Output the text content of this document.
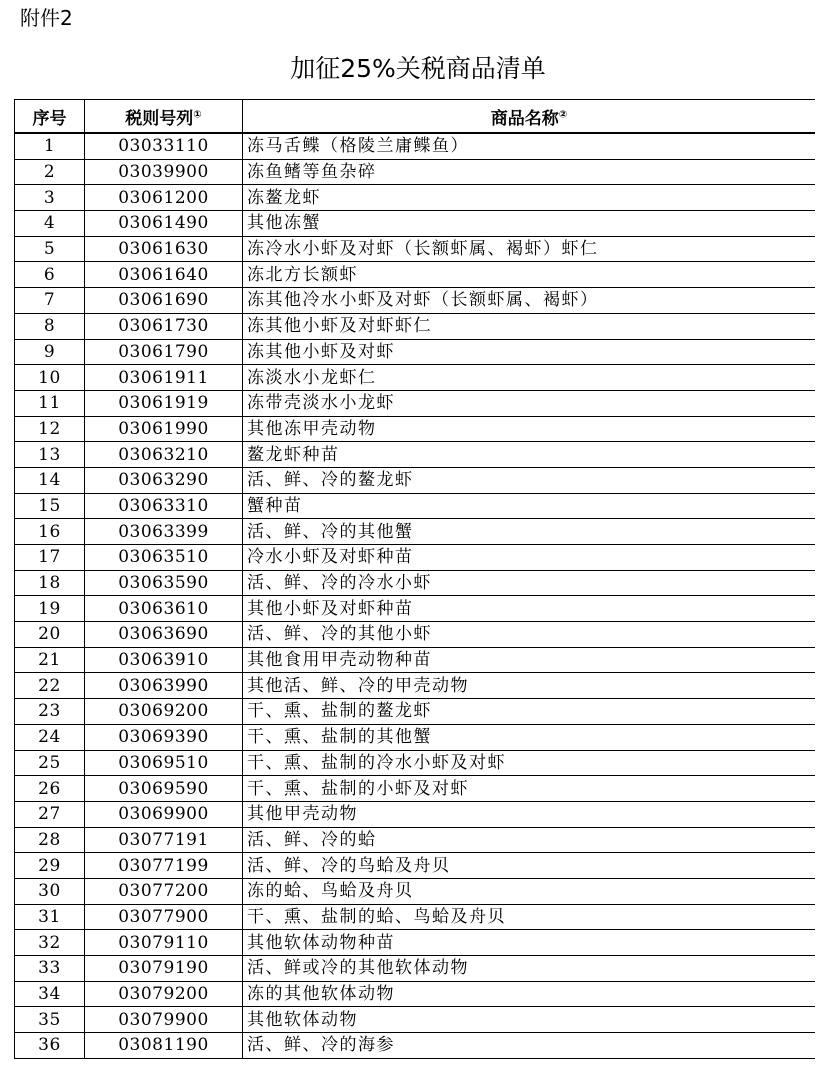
附件2
加征25%关税商品清单
序号	税则号列①	商品名称②
1	03033110	冻马舌鲽（格陵兰庸鲽鱼）
2	03039900	冻鱼鳍等鱼杂碎
3	03061200	冻鳌龙虾
4	03061490	其他冻蟹
5	03061630	冻冷水小虾及对虾（长额虾属、褐虾）虾仁
6	03061640	冻北方长额虾
7	03061690	冻其他冷水小虾及对虾（长额虾属、褐虾）
8	03061730	冻其他小虾及对虾虾仁
9	03061790	冻其他小虾及对虾
10	03061911	冻淡水小龙虾仁
11	03061919	冻带壳淡水小龙虾
12	03061990	其他冻甲壳动物
13	03063210	鳌龙虾种苗
14	03063290	活、鲜、冷的鳌龙虾
15	03063310	蟹种苗
16	03063399	活、鲜、冷的其他蟹
17	03063510	冷水小虾及对虾种苗
18	03063590	活、鲜、冷的冷水小虾
19	03063610	其他小虾及对虾种苗
20	03063690	活、鲜、冷的其他小虾
21	03063910	其他食用甲壳动物种苗
22	03063990	其他活、鲜、冷的甲壳动物
23	03069200	干、熏、盐制的鳌龙虾
24	03069390	干、熏、盐制的其他蟹
25	03069510	干、熏、盐制的冷水小虾及对虾
26	03069590	干、熏、盐制的小虾及对虾
27	03069900	其他甲壳动物
28	03077191	活、鲜、冷的蛤
29	03077199	活、鲜、冷的鸟蛤及舟贝
30	03077200	冻的蛤、鸟蛤及舟贝
31	03077900	干、熏、盐制的蛤、鸟蛤及舟贝
32	03079110	其他软体动物种苗
33	03079190	活、鲜或冷的其他软体动物
34	03079200	冻的其他软体动物
35	03079900	其他软体动物
36	03081190	活、鲜、冷的海参
